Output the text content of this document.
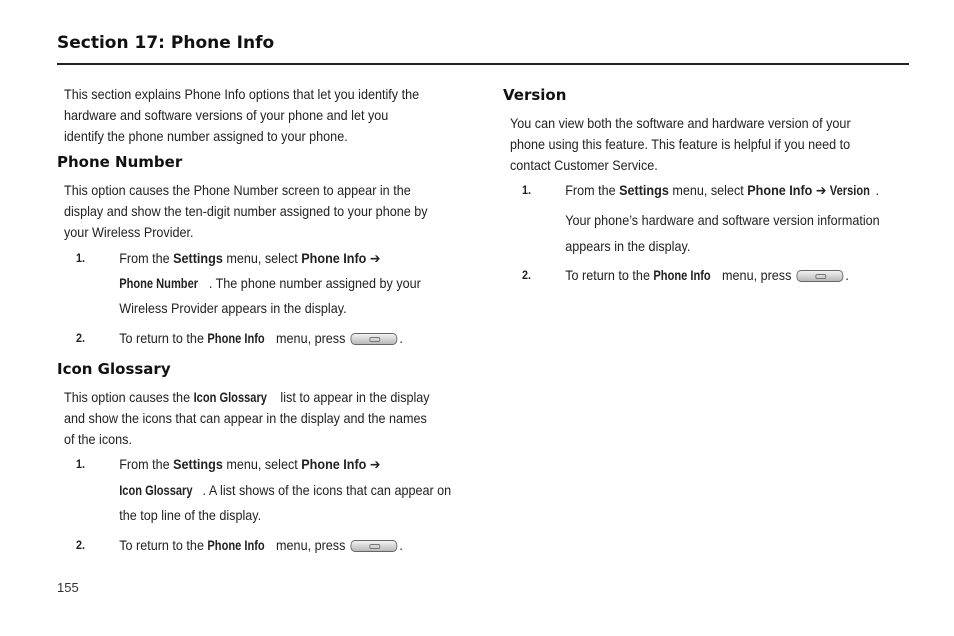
Section 17: Phone Info
This section explains Phone Info options that let you identify the
hardware and software versions of your phone and let you
identify the phone number assigned to your phone.
Phone Number
This option causes the Phone Number screen to appear in the
display and show the ten-digit number assigned to your phone by
your Wireless Provider.
1. From the Settings menu, select Phone Info ➔
Phone Number . The phone number assigned by your
Wireless Provider appears in the display.
2. To return to the Phone Info menu, press	.
Icon Glossary
This option causes the Icon Glossary list to appear in the display
and show the icons that can appear in the display and the names
of the icons.
1. From the Settings menu, select Phone Info ➔
Icon Glossary . A list shows of the icons that can appear on
the top line of the display.
2. To return to the Phone Info menu, press	.
Version
You can view both the software and hardware version of your
phone using this feature. This feature is helpful if you need to
contact Customer Service.
1. From the Settings menu, select Phone Info ➔ Version .
Your phone’s hardware and software version information
appears in the display.
2. To return to the Phone Info menu, press	.
155
